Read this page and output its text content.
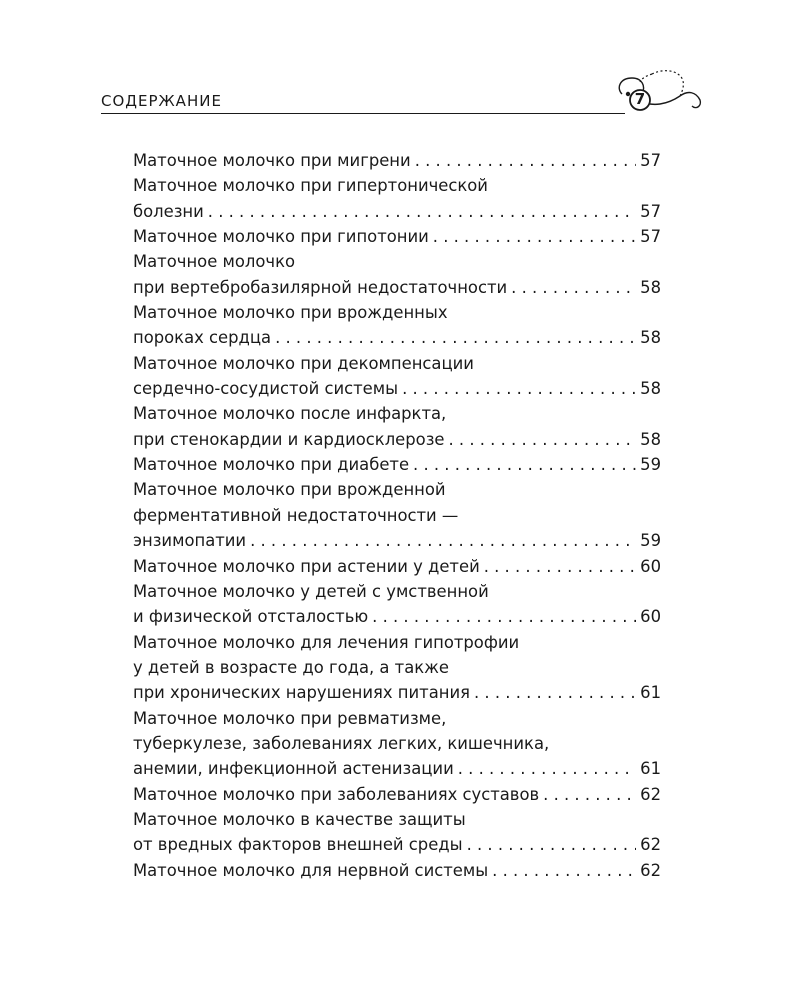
СОДЕРЖАНИЕ	7
Маточное молочко при мигрени . . .	57
Маточное молочко при гипертонической
болезни . . .	57
Маточное молочко при гипотонии . . .	57
Маточное молочко
при вертебробазилярной недостаточности . . .	58
Маточное молочко при врожденных
пороках сердца . . .	58
Маточное молочко при декомпенсации
сердечно-сосудистой системы . . .	58
Маточное молочко после инфаркта,
при стенокардии и кардиосклерозе . . .	58
Маточное молочко при диабете . . .	59
Маточное молочко при врожденной
ферментативной недостаточности —
энзимопатии . . .	59
Маточное молочко при астении у детей . . .	60
Маточное молочко у детей с умственной
и физической отсталостью . . .	60
Маточное молочко для лечения гипотрофии
у детей в возрасте до года, а также
при хронических нарушениях питания . . .	61
Маточное молочко при ревматизме,
туберкулезе, заболеваниях легких, кишечника,
анемии, инфекционной астенизации . . .	61
Маточное молочко при заболеваниях суставов . . .	62
Маточное молочко в качестве защиты
от вредных факторов внешней среды . . .	62
Маточное молочко для нервной системы . . .	62
